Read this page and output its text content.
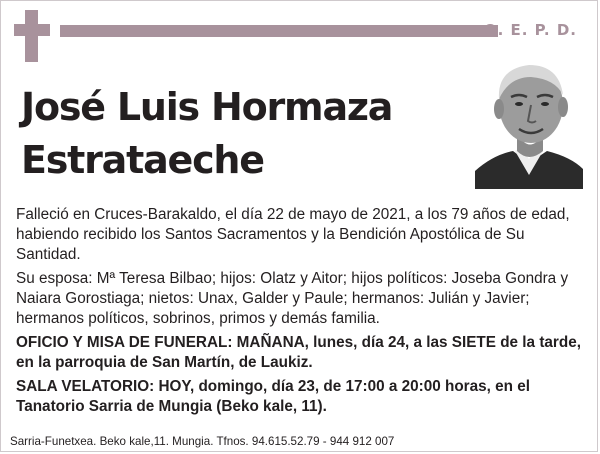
Q. E. P. D.
José Luis Hormaza
Estrataeche

Falleció en Cruces-Barakaldo, el día 22 de mayo de 2021, a los 79 años de edad, habiendo recibido los Santos Sacramentos y la Bendición Apostólica de Su Santidad.

Su esposa: Mª Teresa Bilbao; hijos: Olatz y Aitor; hijos políticos: Joseba Gondra y Naiara Gorostiaga; nietos: Unax, Galder y Paule; hermanos: Julián y Javier; hermanos políticos, sobrinos, primos y demás familia.

OFICIO Y MISA DE FUNERAL: MAÑANA, lunes, día 24, a las SIETE de la tarde, en la parroquia de San Martín, de Laukiz.

SALA VELATORIO: HOY, domingo, día 23, de 17:00 a 20:00 horas, en el Tanatorio Sarria de Mungia (Beko kale, 11).

Sarria-Funetxea. Beko kale,11. Mungia. Tfnos. 94.615.52.79 - 944 912 007
